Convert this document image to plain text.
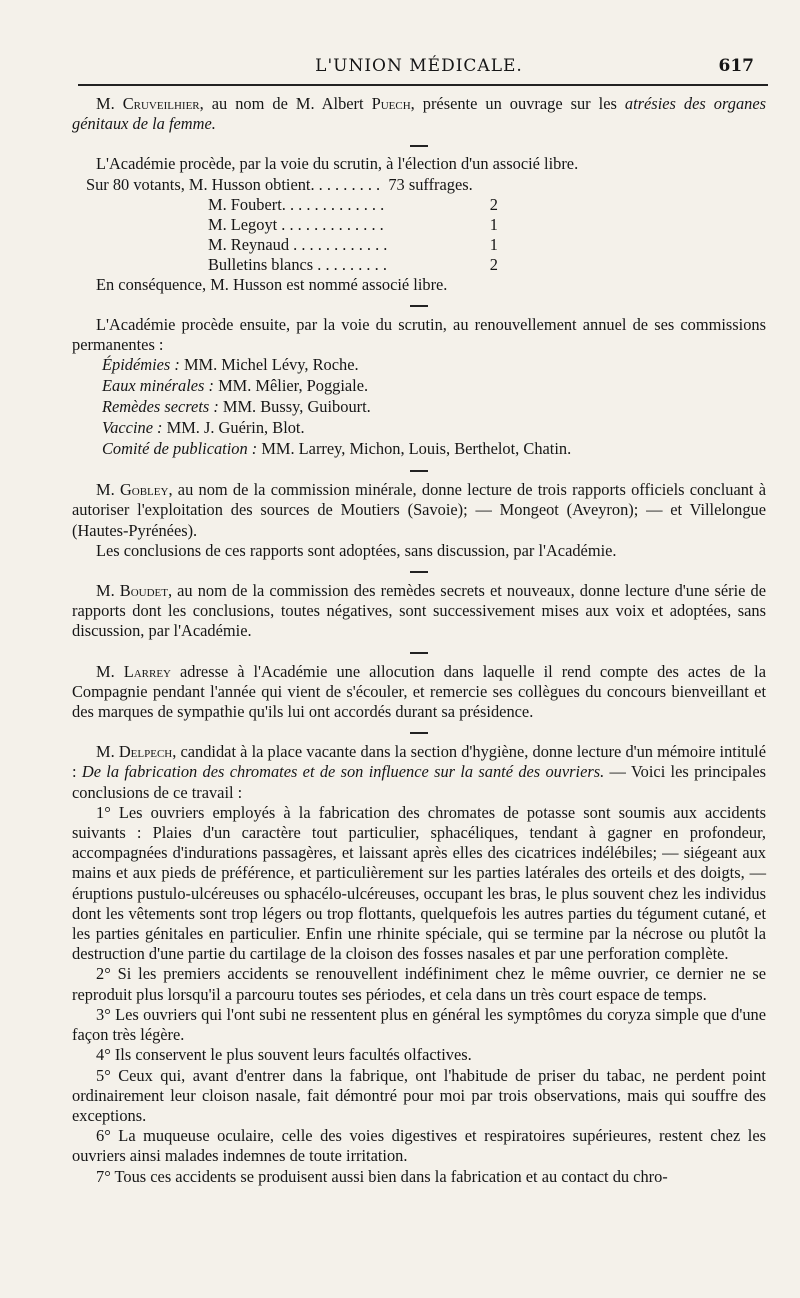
L'UNION MÉDICALE.	617

M. Cruveilhier, au nom de M. Albert Puech, présente un ouvrage sur les atrésies des organes génitaux de la femme.

L'Académie procède, par la voie du scrutin, à l'élection d'un associé libre.

Sur 80 votants, M. Husson obtient. . . . . . . . . 73 suffrages.
M. Foubert. . . . . . . . . . . . .	2
M. Legoyt . . . . . . . . . . . . .	1
M. Reynaud . . . . . . . . . . . .	1
Bulletins blancs . . . . . . . . .	2

En conséquence, M. Husson est nommé associé libre.

L'Académie procède ensuite, par la voie du scrutin, au renouvellement annuel de ses commissions permanentes :

Épidémies : MM. Michel Lévy, Roche.
Eaux minérales : MM. Mêlier, Poggiale.
Remèdes secrets : MM. Bussy, Guibourt.
Vaccine : MM. J. Guérin, Blot.
Comité de publication : MM. Larrey, Michon, Louis, Berthelot, Chatin.

M. Gobley, au nom de la commission minérale, donne lecture de trois rapports officiels concluant à autoriser l'exploitation des sources de Moutiers (Savoie); — Mongeot (Aveyron); — et Villelongue (Hautes-Pyrénées).

Les conclusions de ces rapports sont adoptées, sans discussion, par l'Académie.

M. Boudet, au nom de la commission des remèdes secrets et nouveaux, donne lecture d'une série de rapports dont les conclusions, toutes négatives, sont successivement mises aux voix et adoptées, sans discussion, par l'Académie.

M. Larrey adresse à l'Académie une allocution dans laquelle il rend compte des actes de la Compagnie pendant l'année qui vient de s'écouler, et remercie ses collègues du concours bienveillant et des marques de sympathie qu'ils lui ont accordés durant sa présidence.

M. Delpech, candidat à la place vacante dans la section d'hygiène, donne lecture d'un mémoire intitulé : De la fabrication des chromates et de son influence sur la santé des ouvriers. — Voici les principales conclusions de ce travail :

1° Les ouvriers employés à la fabrication des chromates de potasse sont soumis aux accidents suivants : Plaies d'un caractère tout particulier, sphacéliques, tendant à gagner en profondeur, accompagnées d'indurations passagères, et laissant après elles des cicatrices indélébiles; — siégeant aux mains et aux pieds de préférence, et particulièrement sur les parties latérales des orteils et des doigts, — éruptions pustulo-ulcéreuses ou sphacélo-ulcéreuses, occupant les bras, le plus souvent chez les individus dont les vêtements sont trop légers ou trop flottants, quelquefois les autres parties du tégument cutané, et les parties génitales en particulier. Enfin une rhinite spéciale, qui se termine par la nécrose ou plutôt la destruction d'une partie du cartilage de la cloison des fosses nasales et par une perforation complète.

2° Si les premiers accidents se renouvellent indéfiniment chez le même ouvrier, ce dernier ne se reproduit plus lorsqu'il a parcouru toutes ses périodes, et cela dans un très court espace de temps.

3° Les ouvriers qui l'ont subi ne ressentent plus en général les symptômes du coryza simple que d'une façon très légère.

4° Ils conservent le plus souvent leurs facultés olfactives.

5° Ceux qui, avant d'entrer dans la fabrique, ont l'habitude de priser du tabac, ne perdent point ordinairement leur cloison nasale, fait démontré pour moi par trois observations, mais qui souffre des exceptions.

6° La muqueuse oculaire, celle des voies digestives et respiratoires supérieures, restent chez les ouvriers ainsi malades indemnes de toute irritation.

7° Tous ces accidents se produisent aussi bien dans la fabrication et au contact du chro-
